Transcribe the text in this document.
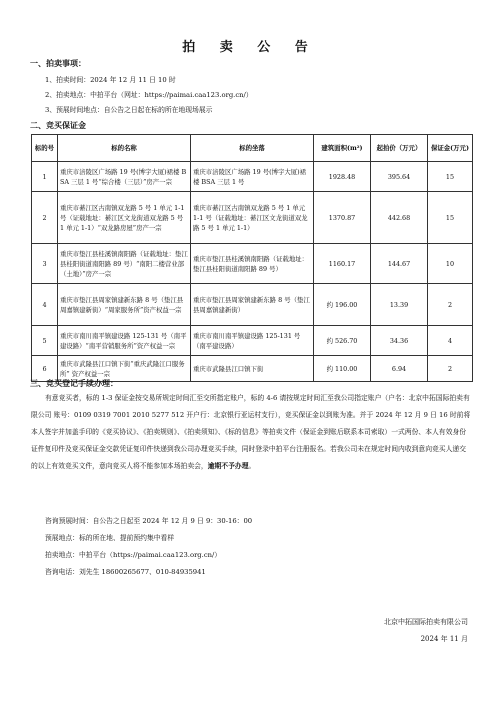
拍 卖 公 告
一、拍卖事项：
1、拍卖时间：2024 年 12 月 11 日 10 时
2、拍卖地点：中拍平台（网址：https://paimai.caa123.org.cn/）
3、预展时间地点：自公告之日起在标的所在地现场展示
二、竞买保证金
标的号	标的名称	标的坐落	建筑面积(m²)	起拍价（万元）	保证金(万元)
1	重庆市涪陵区广场路 19 号(博宇大厦)裙楼 BSA 三层 1 号“综合楼（三层）”房产一宗	重庆市涪陵区广场路 19 号(博宇大厦)裙楼 BSA 三层 1 号	1928.48	395.64	15
2	重庆市綦江区古南镇双龙路 5 号 1 单元 1-1 号（证载地址：綦江区文龙街道双龙路 5 号 1 单元 1-1）“双龙路房屋”房产一宗	重庆市綦江区古南镇双龙路 5 号 1 单元 1-1 号（证载地址：綦江区文龙街道双龙路 5 号 1 单元 1-1）	1370.87	442.68	15
3	重庆市垫江县桂溪镇南阳路（证载地址：垫江县桂阳街道南阳路 89 号）“南阳二楼营业部（土地）”房产一宗	重庆市垫江县桂溪镇南阳路（证载地址：垫江县桂阳街道南阳路 89 号）	1160.17	144.67	10
4	重庆市垫江县周家镇建新东路 8 号（垫江县周嘉镇建新街）“周家服务所”资产权益一宗	重庆市垫江县周家镇建新东路 8 号（垫江县周嘉镇建新街）	约 196.00	13.39	2
5	重庆市南川南平镇建设路 125-131 号（南平建设路）“南平营销服务所”资产权益一宗	重庆市南川南平镇建设路 125-131 号（南平建设路）	约 526.70	34.36	4
6	重庆市武隆县江口镇下街“重庆武隆江口服务所” 资产权益一宗	重庆市武隆县江口镇下街	约 110.00	6.94	2
三、竞买登记手续办理：
有意竞买者，标的 1-3 保证金按交易所规定时间汇至交所指定账户，标的 4-6 请按规定时间汇至我公司指定账户（户名：北京中拓国际拍卖有限公司 账号：0109 0319 7001 2010 5277 512 开户行：北京银行亚运村支行），竞买保证金以到账为准。并于 2024 年 12 月 9 日 16 时前将本人签字并加盖手印的《竞买协议》、《拍卖规则》、《拍卖须知》、《标的信息》等拍卖文件（保证金到账后联系本司索取）一式两份、本人有效身份证件复印件及竞买保证金交款凭证复印件快递到我公司办理竞买手续，同时登录中拍平台注册报名。若我公司未在规定时间内收到意向竞买人递交的以上有效竞买文件，意向竞买人将不能参加本场拍卖会，逾期不予办理。
咨询预展时间：自公告之日起至 2024 年 12 月 9 日 9：30-16：00
预展地点：标的所在地、提前预约集中看样
拍卖地点：中拍平台（https://paimai.caa123.org.cn/）
咨询电话：刘先生 18600265677、010-84935941
北京中拓国际拍卖有限公司
2024 年 11 月
